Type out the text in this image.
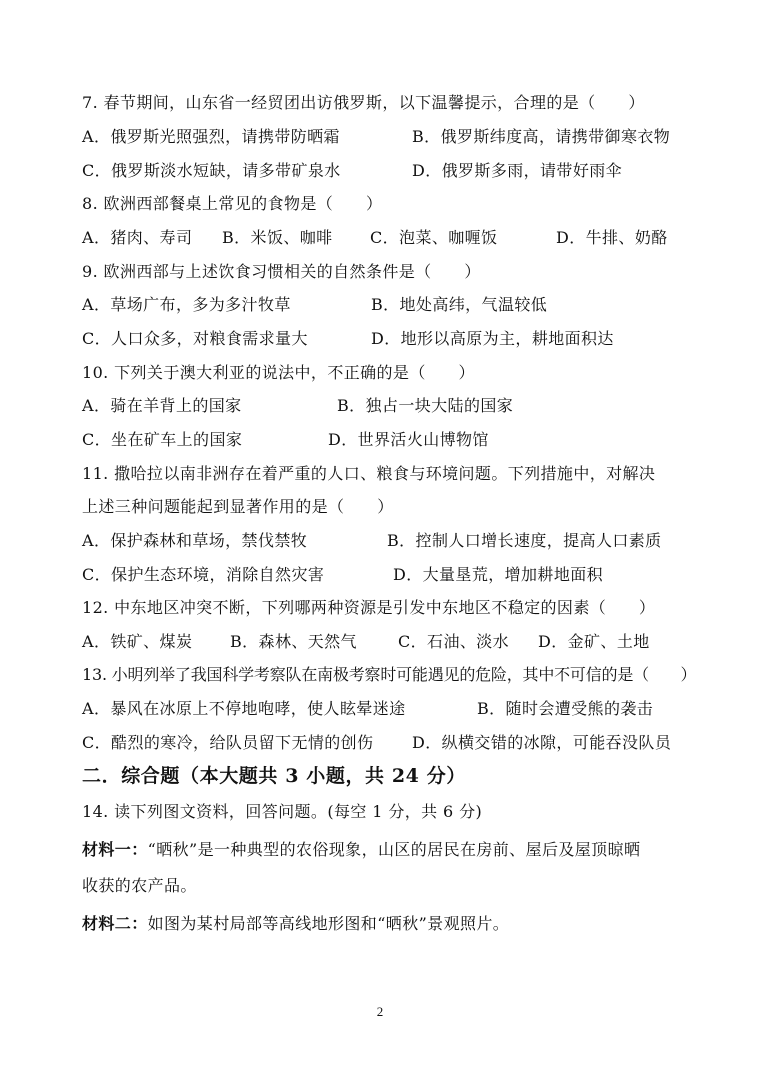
7. 春节期间，山东省一经贸团出访俄罗斯，以下温馨提示，合理的是（　　）
A．俄罗斯光照强烈，请携带防晒霜	B．俄罗斯纬度高，请携带御寒衣物
C．俄罗斯淡水短缺，请多带矿泉水	D．俄罗斯多雨，请带好雨伞
8. 欧洲西部餐桌上常见的食物是（　　）
A．猪肉、寿司 B．米饭、咖啡 C．泡菜、咖喱饭	D．牛排、奶酪
9. 欧洲西部与上述饮食习惯相关的自然条件是（　　）
A．草场广布，多为多汁牧草	B．地处高纬，气温较低
C．人口众多，对粮食需求量大	D．地形以高原为主，耕地面积达
10. 下列关于澳大利亚的说法中，不正确的是（　　）
A．骑在羊背上的国家	B．独占一块大陆的国家
C．坐在矿车上的国家	D．世界活火山博物馆
11. 撒哈拉以南非洲存在着严重的人口、粮食与环境问题。下列措施中，对解决
上述三种问题能起到显著作用的是（　　）
A．保护森林和草场，禁伐禁牧	B．控制人口增长速度，提高人口素质
C．保护生态环境，消除自然灾害	D．大量垦荒，增加耕地面积
12. 中东地区冲突不断，下列哪两种资源是引发中东地区不稳定的因素（　　）
A．铁矿、煤炭 B．森林、天然气	C．石油、淡水 D．金矿、土地
13. 小明列举了我国科学考察队在南极考察时可能遇见的危险，其中不可信的是（　　）
A．暴风在冰原上不停地咆哮，使人眩晕迷途	B．随时会遭受熊的袭击
C．酷烈的寒冷，给队员留下无情的创伤 D．纵横交错的冰隙，可能吞没队员
二．综合题（本大题共 3 小题，共 24 分）
14. 读下列图文资料，回答问题。(每空 1 分，共 6 分)
材料一：“晒秋”是一种典型的农俗现象，山区的居民在房前、屋后及屋顶晾晒
收获的农产品。
材料二：如图为某村局部等高线地形图和“晒秋”景观照片。
2
